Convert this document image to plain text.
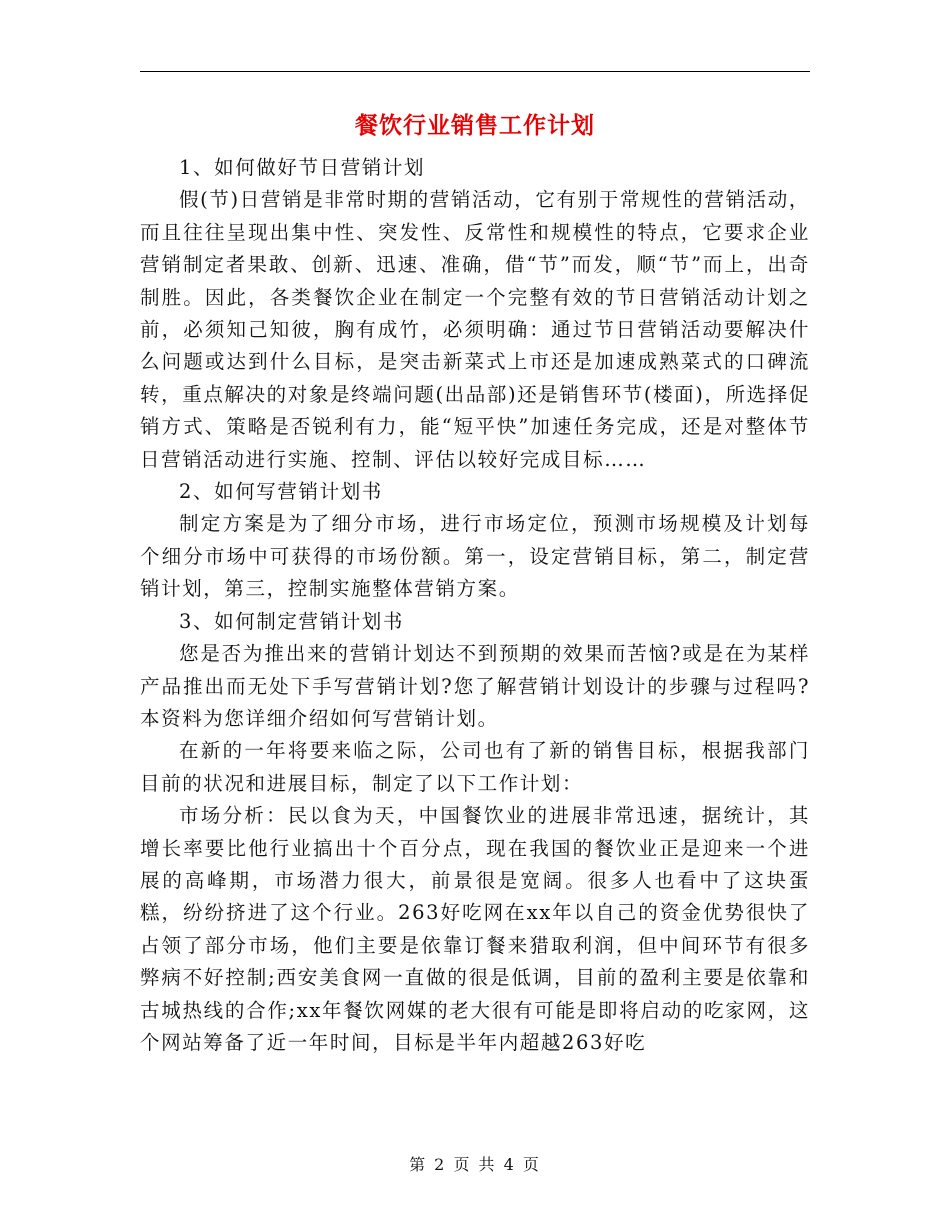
餐饮行业销售工作计划

1、如何做好节日营销计划

假(节)日营销是非常时期的营销活动，它有别于常规性的营销活动，而且往往呈现出集中性、突发性、反常性和规模性的特点，它要求企业营销制定者果敢、创新、迅速、准确，借“节”而发，顺“节”而上，出奇制胜。因此，各类餐饮企业在制定一个完整有效的节日营销活动计划之前，必须知己知彼，胸有成竹，必须明确：通过节日营销活动要解决什么问题或达到什么目标，是突击新菜式上市还是加速成熟菜式的口碑流转，重点解决的对象是终端问题(出品部)还是销售环节(楼面)，所选择促销方式、策略是否锐利有力，能“短平快”加速任务完成，还是对整体节日营销活动进行实施、控制、评估以较好完成目标……

2、如何写营销计划书

制定方案是为了细分市场，进行市场定位，预测市场规模及计划每个细分市场中可获得的市场份额。第一，设定营销目标，第二，制定营销计划，第三，控制实施整体营销方案。

3、如何制定营销计划书

您是否为推出来的营销计划达不到预期的效果而苦恼?或是在为某样产品推出而无处下手写营销计划?您了解营销计划设计的步骤与过程吗?本资料为您详细介绍如何写营销计划。

在新的一年将要来临之际，公司也有了新的销售目标，根据我部门目前的状况和进展目标，制定了以下工作计划：

市场分析：民以食为天，中国餐饮业的进展非常迅速，据统计，其增长率要比他行业搞出十个百分点，现在我国的餐饮业正是迎来一个进展的高峰期，市场潜力很大，前景很是宽阔。很多人也看中了这块蛋糕，纷纷挤进了这个行业。263好吃网在xx年以自己的资金优势很快了占领了部分市场，他们主要是依靠订餐来猎取利润，但中间环节有很多弊病不好控制;西安美食网一直做的很是低调，目前的盈利主要是依靠和古城热线的合作;xx年餐饮网媒的老大很有可能是即将启动的吃家网，这个网站筹备了近一年时间，目标是半年内超越263好吃

第 2 页 共 4 页
